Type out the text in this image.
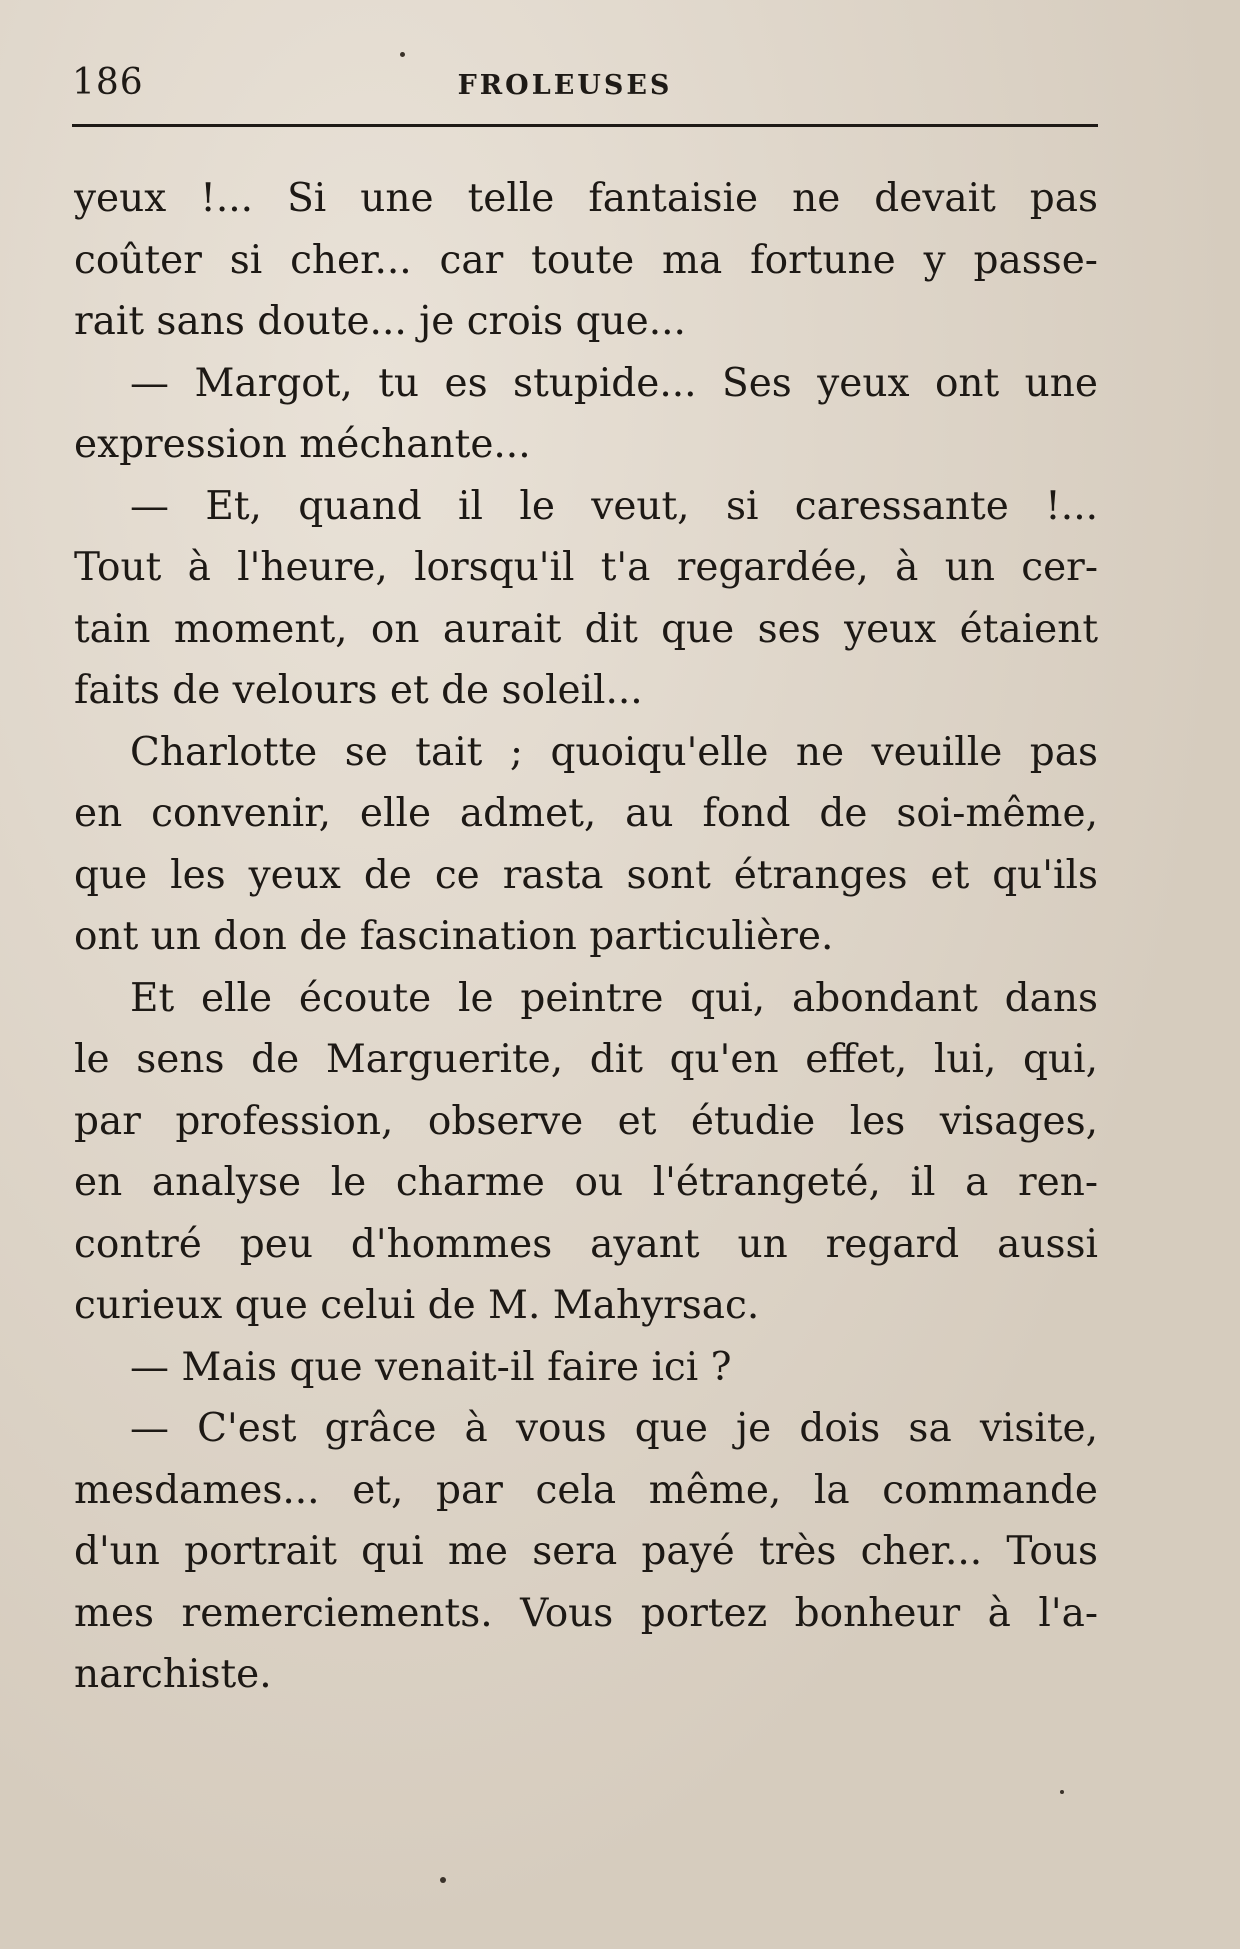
186	FROLEUSES
yeux !... Si une telle fantaisie ne devait pas
coûter si cher... car toute ma fortune y passe-
rait sans doute... je crois que...
— Margot, tu es stupide... Ses yeux ont une
expression méchante...
— Et, quand il le veut, si caressante !...
Tout à l'heure, lorsqu'il t'a regardée, à un cer-
tain moment, on aurait dit que ses yeux étaient
faits de velours et de soleil...
Charlotte se tait ; quoiqu'elle ne veuille pas
en convenir, elle admet, au fond de soi-même,
que les yeux de ce rasta sont étranges et qu'ils
ont un don de fascination particulière.
Et elle écoute le peintre qui, abondant dans
le sens de Marguerite, dit qu'en effet, lui, qui,
par profession, observe et étudie les visages,
en analyse le charme ou l'étrangeté, il a ren-
contré peu d'hommes ayant un regard aussi
curieux que celui de M. Mahyrsac.
— Mais que venait-il faire ici ?
— C'est grâce à vous que je dois sa visite,
mesdames... et, par cela même, la commande
d'un portrait qui me sera payé très cher... Tous
mes remerciements. Vous portez bonheur à l'a-
narchiste.
